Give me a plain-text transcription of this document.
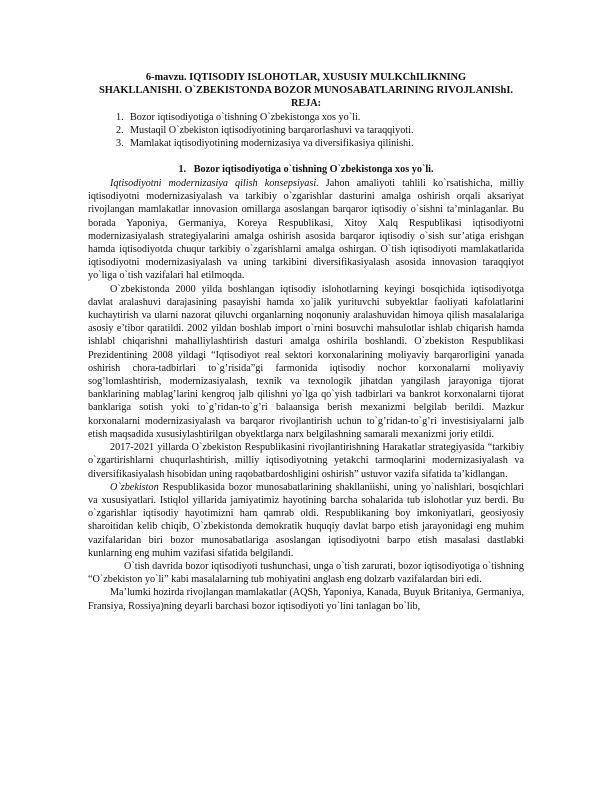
6-mavzu. IQTISODIY ISLOHOTLAR, XUSUSIY MULKChILIKNING
SHAKLLANISHI. O`ZBEKISTONDA BOZOR MUNOSABATLARINING RIVOJLANIShI.
REJA:
1. Bozor iqtisodiyotiga o`tishning O`zbekistonga xos yo`li.
2. Mustaqil O`zbekiston iqtisodiyotining barqarorlashuvi va taraqqiyoti.
3. Mamlakat iqtisodiyotining modernizasiya va diversifikasiya qilinishi.
1.   Bozor iqtisodiyotiga o`tishning O`zbekistonga xos yo`li.

Iqtisodiyotni modernizasiya qilish konsepsiyasi. Jahon amaliyoti tahlili ko`rsatishicha, milliy iqtisodiyotni modernizasiyalash va tarkibiy o`zgarishlar dasturini amalga oshirish orqali aksariyat rivojlangan mamlakatlar innovasion omillarga asoslangan barqaror iqtisodiy o`sishni ta’minlaganlar. Bu borada Yaponiya, Germaniya, Koreya Respublikasi, Xitoy Xalq Respublikasi iqtisodiyotni modernizasiyalash strategiyalarini amalga oshirish asosida barqaror iqtisodiy o`sish sur’atiga erishgan hamda iqtisodiyotda chuqur tarkibiy o`zgarishlarni amalga oshirgan. O`tish iqtisodiyoti mamlakatlarida iqtisodiyotni modernizasiyalash va uning tarkibini diversifikasiyalash asosida innovasion taraqqiyot yo`liga o`tish vazifalari hal etilmoqda.

O`zbekistonda 2000 yilda boshlangan iqtisodiy islohotlarning keyingi bosqichida iqtisodiyotga davlat aralashuvi darajasining pasayishi hamda xo`jalik yurituvchi subyektlar faoliyati kafolatlarini kuchaytirish va ularni nazorat qiluvchi organlarning noqonuniy aralashuvidan himoya qilish masalalariga asosiy e’tibor qaratildi. 2002 yildan boshlab import o`rnini bosuvchi mahsulotlar ishlab chiqarish hamda ishlabl chiqarishni mahalliylashtirish dasturi amalga oshirila boshlandi. O`zbekiston Respublikasi Prezidentining 2008 yildagi “Iqtisodiyot real sektori korxonalarining moliyaviy barqarorligini yanada oshirish chora-tadbirlari to`g’risida”gi farmonida iqtisodiy nochor korxonalarni moliyaviy sog’lomlashtirish, modernizasiyalash, texnik va texnologik jihatdan yangilash jarayoniga tijorat banklarining mablag’larini kengroq jalb qilishni yo`lga qo`yish tadbirlari va bankrot korxonalarni tijorat banklariga sotish yoki to`g’ridan-to`g’ri balaansiga berish mexanizmi belgilab berildi. Mazkur korxonalarni modernizasiyalash va barqaror rivojlantirish uchun to`g’ridan-to`g’ri investisiyalarni jalb etish maqsadida xususiylashtirilgan obyektlarga narx belgilashning samarali mexanizmi joriy etildi.

2017-2021 yillarda O`zbekiston Respublikasini rivojlantirishning Harakatlar strategiyasida “tarkibiy o`zgartirishlarni chuqurlashtirish, milliy iqtisodiyotning yetakchi tarmoqlarini modernizasiyalash va diversifikasiyalash hisobidan uning raqobatbardoshligini oshirish” ustuvor vazifa sifatida ta’kidlangan.

O`zbekiston Respublikasida bozor munosabatlarining shakllaniishi, uning yo`nalishlari, bosqichlari va xususiyatlari. Istiqlol yillarida jamiyatimiz hayotining barcha sohalarida tub islohotlar yuz berdi. Bu o`zgarishlar iqtisodiy hayotimizni ham qamrab oldi. Respublikaning boy imkoniyatlari, geosiyosiy sharoitidan kelib chiqib, O`zbekistonda demokratik huquqiy davlat barpo etish jarayonidagi eng muhim vazifalaridan biri bozor munosabatlariga asoslangan iqtisodiyotni barpo etish masalasi dastlabki kunlarning eng muhim vazifasi sifatida belgilandi.

O`tish davrida bozor iqtisodiyoti tushunchasi, unga o`tish zarurati, bozor iqtisodiyotiga o`tishning “O`zbekiston yo`li” kabi masalalarning tub mohiyatini anglash eng dolzarb vazifalardan biri edi.

Ma’lumki hozirda rivojlangan mamlakatlar (AQSh, Yaponiya, Kanada, Buyuk Britaniya, Germaniya, Fransiya, Rossiya)ning deyarli barchasi bozor iqtisodiyoti yo`lini tanlagan bo`lib,
